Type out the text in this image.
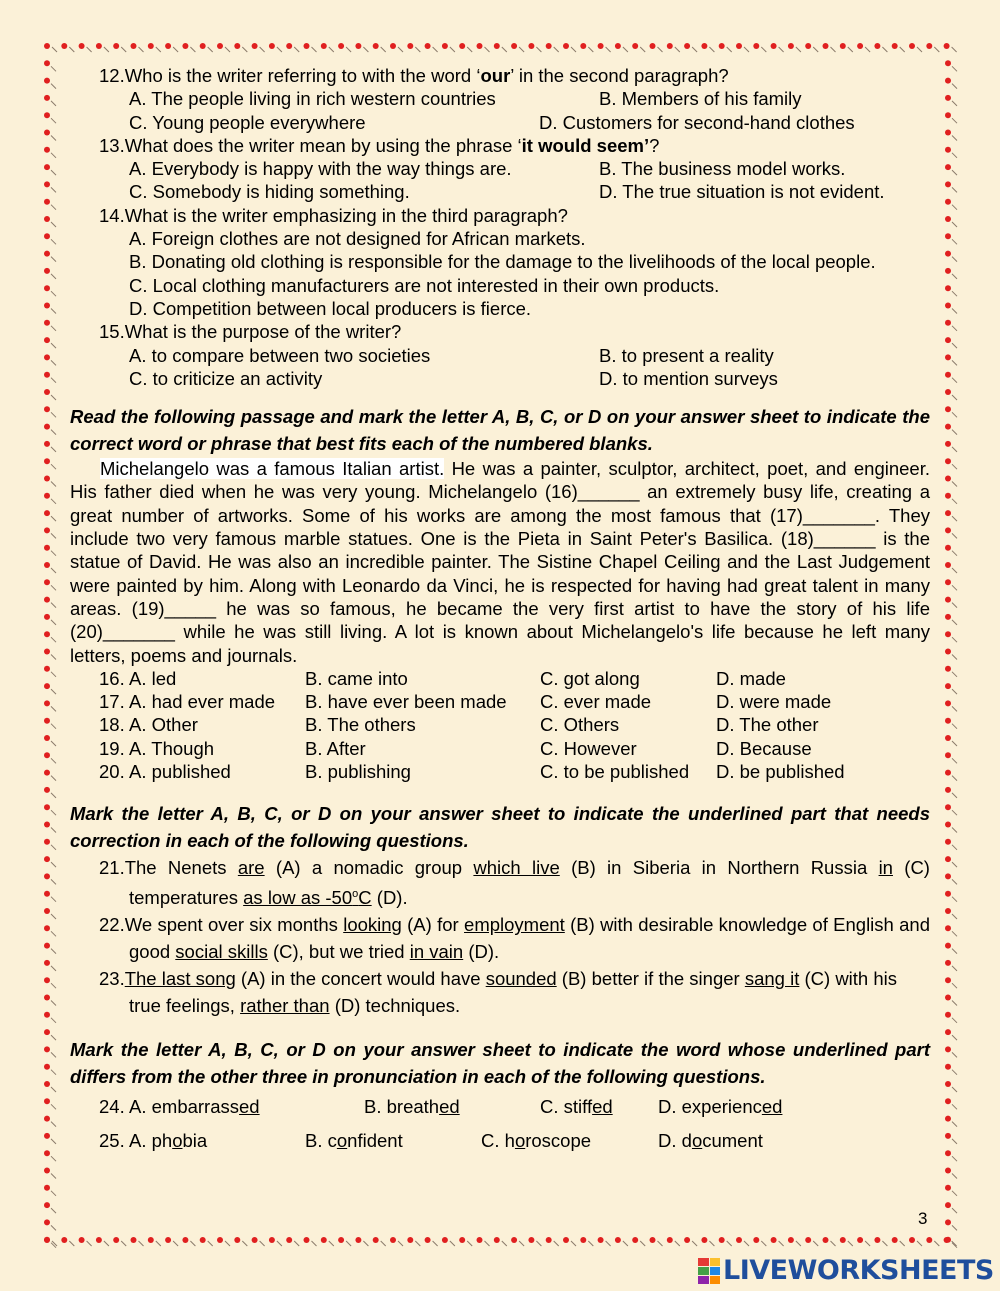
12.Who is the writer referring to with the word ‘our’ in the second paragraph?
A. The people living in rich western countries	B. Members of his family
C. Young people everywhere	D. Customers for second-hand clothes
13.What does the writer mean by using the phrase ‘it would seem’?
A. Everybody is happy with the way things are.	B. The business model works.
C. Somebody is hiding something.	D. The true situation is not evident.
14.What is the writer emphasizing in the third paragraph?
A. Foreign clothes are not designed for African markets.
B. Donating old clothing is responsible for the damage to the livelihoods of the local people.
C. Local clothing manufacturers are not interested in their own products.
D. Competition between local producers is fierce.
15.What is the purpose of the writer?
A. to compare between two societies	B. to present a reality
C. to criticize an activity	D. to mention surveys
Read the following passage and mark the letter A, B, C, or D on your answer sheet to indicate the correct word or phrase that best fits each of the numbered blanks.
Michelangelo was a famous Italian artist. He was a painter, sculptor, architect, poet, and engineer. His father died when he was very young. Michelangelo (16)______ an extremely busy life, creating a great number of artworks. Some of his works are among the most famous that (17)_______. They include two very famous marble statues. One is the Pieta in Saint Peter's Basilica. (18)______ is the statue of David. He was also an incredible painter. The Sistine Chapel Ceiling and the Last Judgement were painted by him. Along with Leonardo da Vinci, he is respected for having had great talent in many areas. (19)_____ he was so famous, he became the very first artist to have the story of his life (20)_______ while he was still living. A lot is known about Michelangelo's life because he left many letters, poems and journals.
16. A. led	B. came into	C. got along	D. made
17. A. had ever made	B. have ever been made	C. ever made	D. were made
18. A. Other	B. The others	C. Others	D. The other
19. A. Though	B. After	C. However	D. Because
20. A. published	B. publishing	C. to be published	D. be published
Mark the letter A, B, C, or D on your answer sheet to indicate the underlined part that needs correction in each of the following questions.
21.The Nenets are (A) a nomadic group which live (B) in Siberia in Northern Russia in (C) temperatures as low as -50$^o$C (D).
22.We spent over six months looking (A) for employment (B) with desirable knowledge of English and good social skills (C), but we tried in vain (D).
23.The last song (A) in the concert would have sounded (B) better if the singer sang it (C) with his true feelings, rather than (D) techniques.
Mark the letter A, B, C, or D on your answer sheet to indicate the word whose underlined part differs from the other three in pronunciation in each of the following questions.
24. A. embarrassed	B. breathed	C. stiffed	D. experienced
25. A. phobia	B. confident	C. horoscope	D. document
3
LIVEWORKSHEETS
